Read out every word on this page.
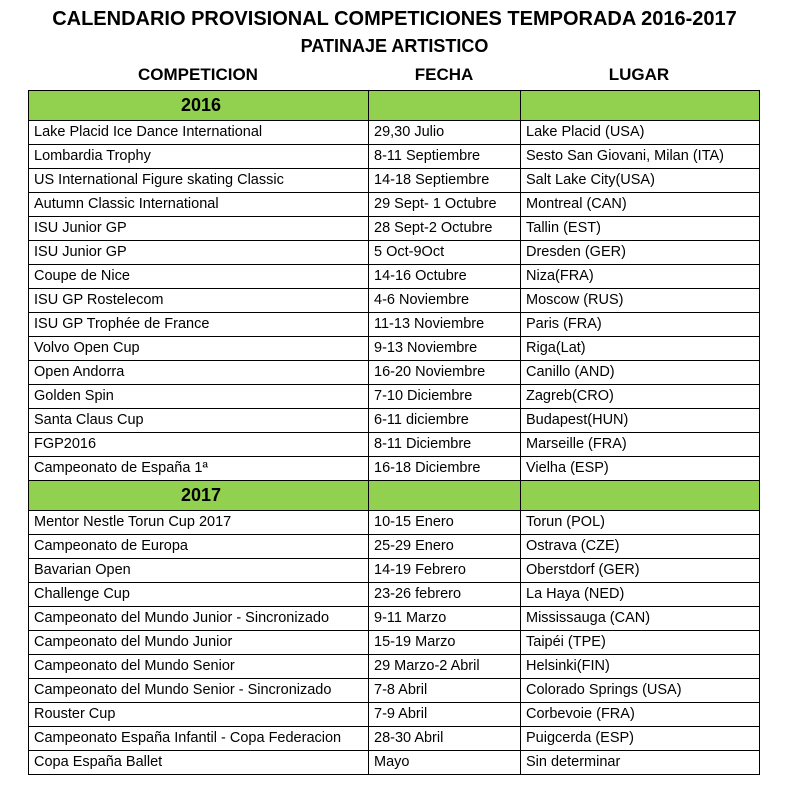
CALENDARIO PROVISIONAL COMPETICIONES TEMPORADA 2016-2017
PATINAJE ARTISTICO
COMPETICION	FECHA	LUGAR
2016		
Lake Placid Ice Dance International	29,30 Julio	Lake Placid (USA)
Lombardia Trophy	8-11 Septiembre	Sesto San Giovani, Milan (ITA)
US International Figure skating Classic	14-18 Septiembre	Salt Lake City(USA)
Autumn Classic International	29 Sept- 1 Octubre	Montreal (CAN)
ISU Junior GP	28 Sept-2 Octubre	Tallin (EST)
ISU Junior GP	5 Oct-9Oct	Dresden (GER)
Coupe de Nice	14-16 Octubre	Niza(FRA)
ISU GP Rostelecom	4-6 Noviembre	Moscow (RUS)
ISU GP Trophée de France	11-13 Noviembre	Paris (FRA)
Volvo Open Cup	9-13 Noviembre	Riga(Lat)
Open Andorra	16-20 Noviembre	Canillo (AND)
Golden Spin	7-10 Diciembre	Zagreb(CRO)
Santa Claus Cup	6-11 diciembre	Budapest(HUN)
FGP2016	8-11 Diciembre	Marseille (FRA)
Campeonato de España 1ª	16-18 Diciembre	Vielha (ESP)
2017		
Mentor Nestle Torun Cup 2017	10-15 Enero	Torun (POL)
Campeonato de Europa	25-29 Enero	Ostrava (CZE)
Bavarian Open	14-19 Febrero	Oberstdorf (GER)
Challenge Cup	23-26 febrero	La Haya (NED)
Campeonato del Mundo Junior - Sincronizado	9-11 Marzo	Mississauga (CAN)
Campeonato del Mundo Junior	15-19 Marzo	Taipéi (TPE)
Campeonato del Mundo Senior	29 Marzo-2 Abril	Helsinki(FIN)
Campeonato del Mundo Senior - Sincronizado	7-8 Abril	Colorado Springs (USA)
Rouster Cup	7-9 Abril	Corbevoie (FRA)
Campeonato España Infantil - Copa Federacion	28-30 Abril	Puigcerda (ESP)
Copa España Ballet	Mayo	Sin determinar
